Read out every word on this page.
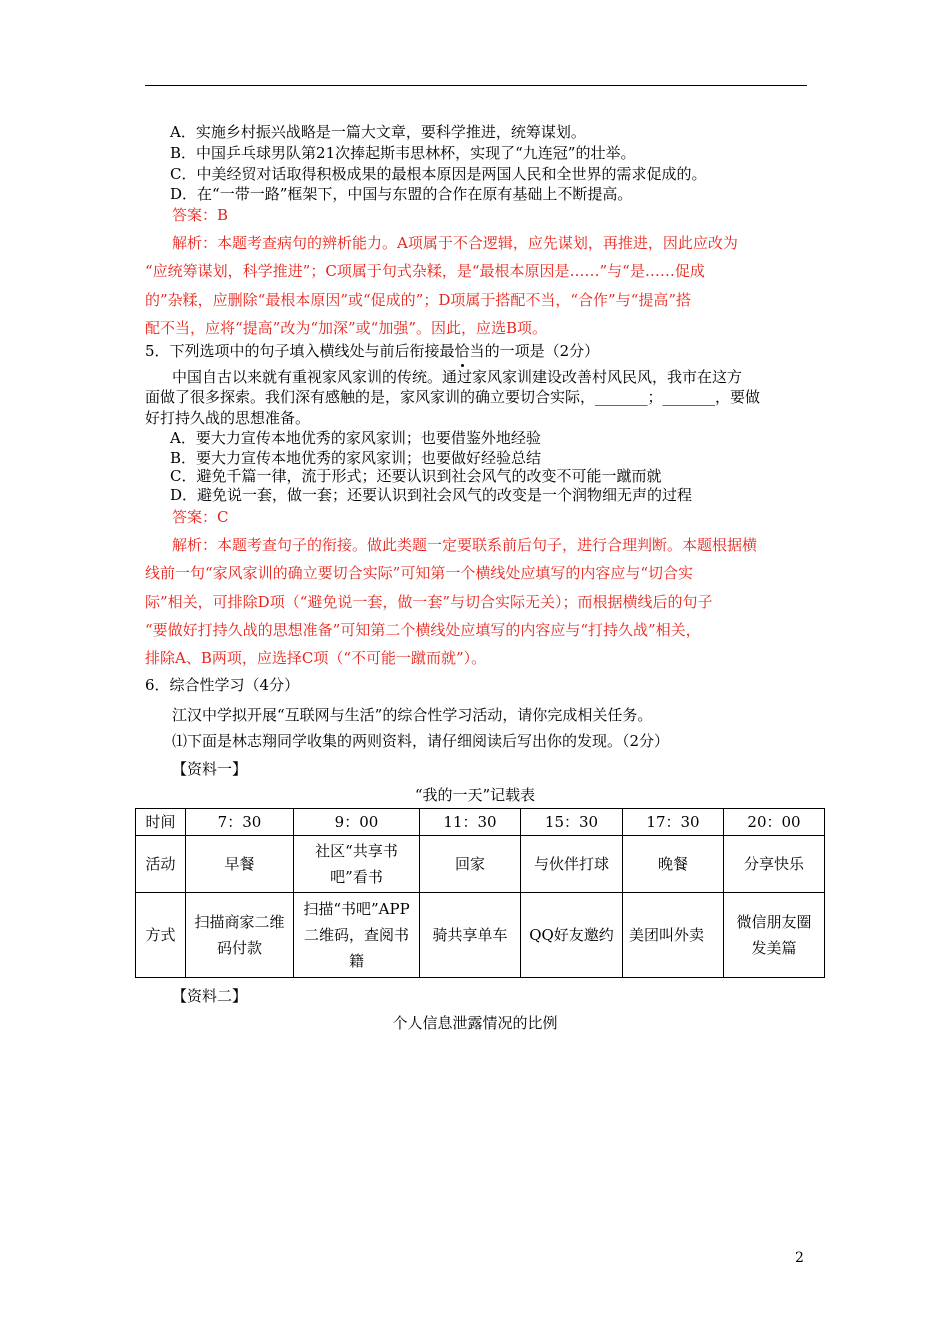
A．实施乡村振兴战略是一篇大文章，要科学推进，统筹谋划。
B．中国乒乓球男队第21次捧起斯韦思林杯，实现了“九连冠”的壮举。
C．中美经贸对话取得积极成果的最根本原因是两国人民和全世界的需求促成的。
D．在“一带一路”框架下，中国与东盟的合作在原有基础上不断提高。
答案：B
解析：本题考查病句的辨析能力。A项属于不合逻辑，应先谋划，再推进，因此应改为
“应统筹谋划，科学推进”；C项属于句式杂糅，是“最根本原因是……”与“是……促成
的”杂糅，应删除“最根本原因”或“促成的”；D项属于搭配不当，“合作”与“提高”搭
配不当，应将“提高”改为“加深”或“加强”。因此，应选B项。
5．下列选项中的句子填入横线处与前后衔接最恰当的一项是（2分）
中国自古以来就有重视家风家训的传统。通过家风家训建设改善村风民风，我市在这方
面做了很多探索。我们深有感触的是，家风家训的确立要切合实际，_______；_______，要做
好打持久战的思想准备。
A．要大力宣传本地优秀的家风家训；也要借鉴外地经验
B．要大力宣传本地优秀的家风家训；也要做好经验总结
C．避免千篇一律，流于形式；还要认识到社会风气的改变不可能一蹴而就
D．避免说一套，做一套；还要认识到社会风气的改变是一个润物细无声的过程
答案：C
解析：本题考查句子的衔接。做此类题一定要联系前后句子，进行合理判断。本题根据横
线前一句“家风家训的确立要切合实际”可知第一个横线处应填写的内容应与“切合实
际”相关，可排除D项（“避免说一套，做一套”与切合实际无关）；而根据横线后的句子
“要做好打持久战的思想准备”可知第二个横线处应填写的内容应与“打持久战”相关，
排除A、B两项，应选择C项（“不可能一蹴而就”）。
6．综合性学习（4分）
江汉中学拟开展“互联网与生活”的综合性学习活动，请你完成相关任务。
⑴下面是林志翔同学收集的两则资料，请仔细阅读后写出你的发现。（2分）
【资料一】
“我的一天”记载表
时间	7：30	9：00	11：30	15：30	17：30	20：00
活动	早餐	社区“共享书吧”看书	回家	与伙伴打球	晚餐	分享快乐
方式	扫描商家二维码付款	扫描“书吧”APP二维码，查阅书籍	骑共享单车	QQ好友邀约	美团叫外卖	微信朋友圈发美篇
【资料二】
个人信息泄露情况的比例
2
